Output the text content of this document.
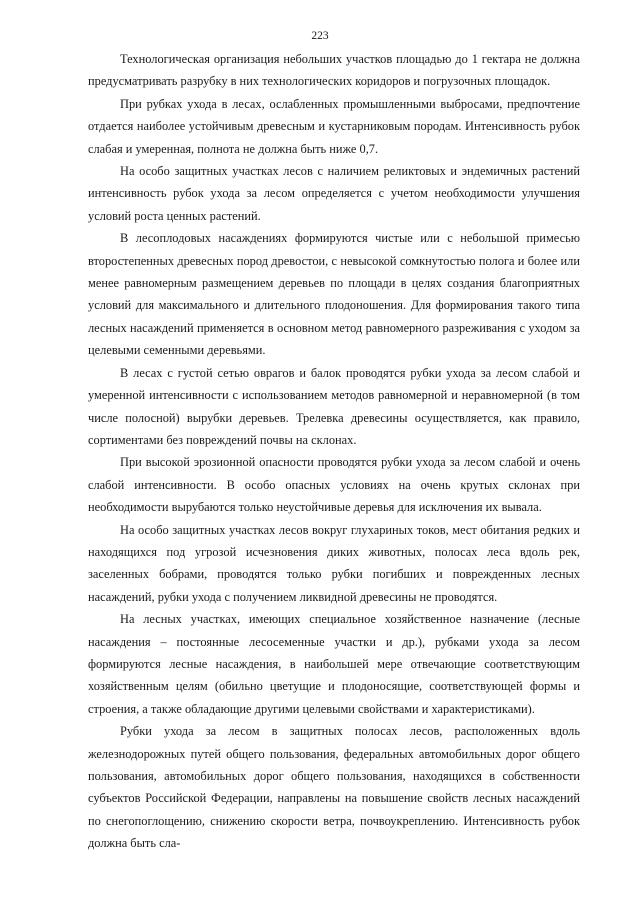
223

Технологическая организация небольших участков площадью до 1 гектара не должна предусматривать разрубку в них технологических коридоров и погрузочных площадок.

При рубках ухода в лесах, ослабленных промышленными выбросами, предпочтение отдается наиболее устойчивым древесным и кустарниковым породам. Интенсивность рубок слабая и умеренная, полнота не должна быть ниже 0,7.

На особо защитных участках лесов с наличием реликтовых и эндемичных растений интенсивность рубок ухода за лесом определяется с учетом необходимости улучшения условий роста ценных растений.

В лесоплодовых насаждениях формируются чистые или с небольшой примесью второстепенных древесных пород древостои, с невысокой сомкнутостью полога и более или менее равномерным размещением деревьев по площади в целях создания благоприятных условий для максимального и длительного плодоношения. Для формирования такого типа лесных насаждений применяется в основном метод равномерного разреживания с уходом за целевыми семенными деревьями.

В лесах с густой сетью оврагов и балок проводятся рубки ухода за лесом слабой и умеренной интенсивности с использованием методов равномерной и неравномерной (в том числе полосной) вырубки деревьев. Трелевка древесины осуществляется, как правило, сортиментами без повреждений почвы на склонах.

При высокой эрозионной опасности проводятся рубки ухода за лесом слабой и очень слабой интенсивности. В особо опасных условиях на очень крутых склонах при необходимости вырубаются только неустойчивые деревья для исключения их вывала.

На особо защитных участках лесов вокруг глухариных токов, мест обитания редких и находящихся под угрозой исчезновения диких животных, полосах леса вдоль рек, заселенных бобрами, проводятся только рубки погибших и поврежденных лесных насаждений, рубки ухода с получением ликвидной древесины не проводятся.

На лесных участках, имеющих специальное хозяйственное назначение (лесные насаждения – постоянные лесосеменные участки и др.), рубками ухода за лесом формируются лесные насаждения, в наибольшей мере отвечающие соответствующим хозяйственным целям (обильно цветущие и плодоносящие, соответствующей формы и строения, а также обладающие другими целевыми свойствами и характеристиками).

Рубки ухода за лесом в защитных полосах лесов, расположенных вдоль железнодорожных путей общего пользования, федеральных автомобильных дорог общего пользования, автомобильных дорог общего пользования, находящихся в собственности субъектов Российской Федерации, направлены на повышение свойств лесных насаждений по снегопоглощению, снижению скорости ветра, почвоукреплению. Интенсивность рубок должна быть сла-
